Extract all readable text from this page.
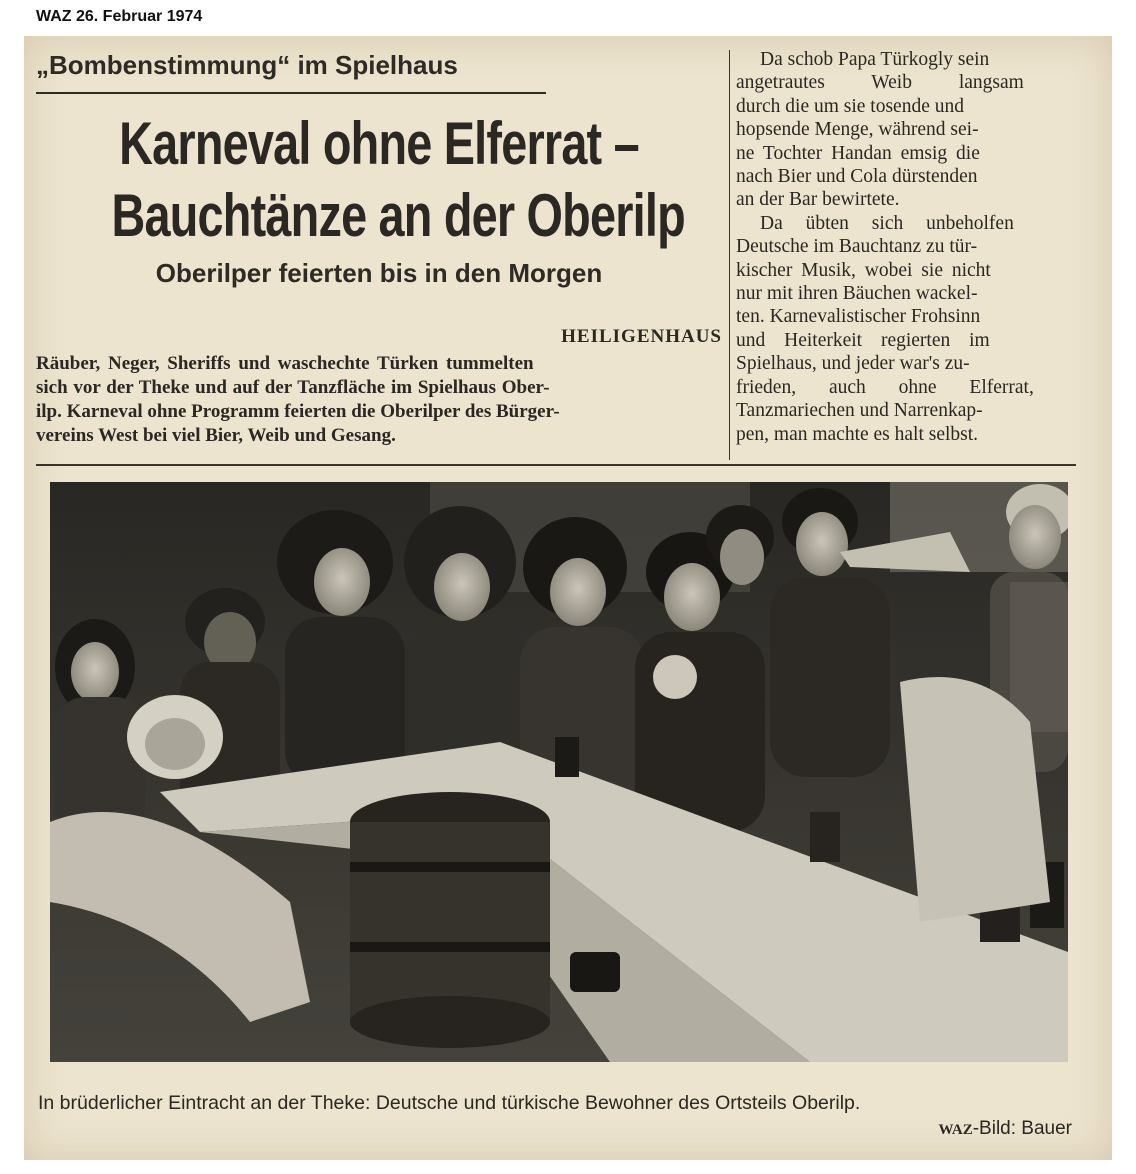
WAZ 26. Februar 1974
„Bombenstimmung“ im Spielhaus
Karneval ohne Elferrat –
Bauchtänze an der Oberilp
Oberilper feierten bis in den Morgen
HEILIGENHAUS
Räuber, Neger, Sheriffs und waschechte Türken tummelten
sich vor der Theke und auf der Tanzfläche im Spielhaus Ober-
ilp. Karneval ohne Programm feierten die Oberilper des Bürger-
vereins West bei viel Bier, Weib und Gesang.
Da schob Papa Türkogly sein
angetrautes Weib langsam
durch die um sie tosende und
hopsende Menge, während sei-
ne Tochter Handan emsig die
nach Bier und Cola dürstenden
an der Bar bewirtete.
Da übten sich unbeholfen
Deutsche im Bauchtanz zu tür-
kischer Musik, wobei sie nicht
nur mit ihren Bäuchen wackel-
ten. Karnevalistischer Frohsinn
und Heiterkeit regierten im
Spielhaus, und jeder war's zu-
frieden, auch ohne Elferrat,
Tanzmariechen und Narrenkap-
pen, man machte es halt selbst.
In brüderlicher Eintracht an der Theke: Deutsche und türkische Bewohner des Ortsteils Oberilp.
WAZ-Bild: Bauer
